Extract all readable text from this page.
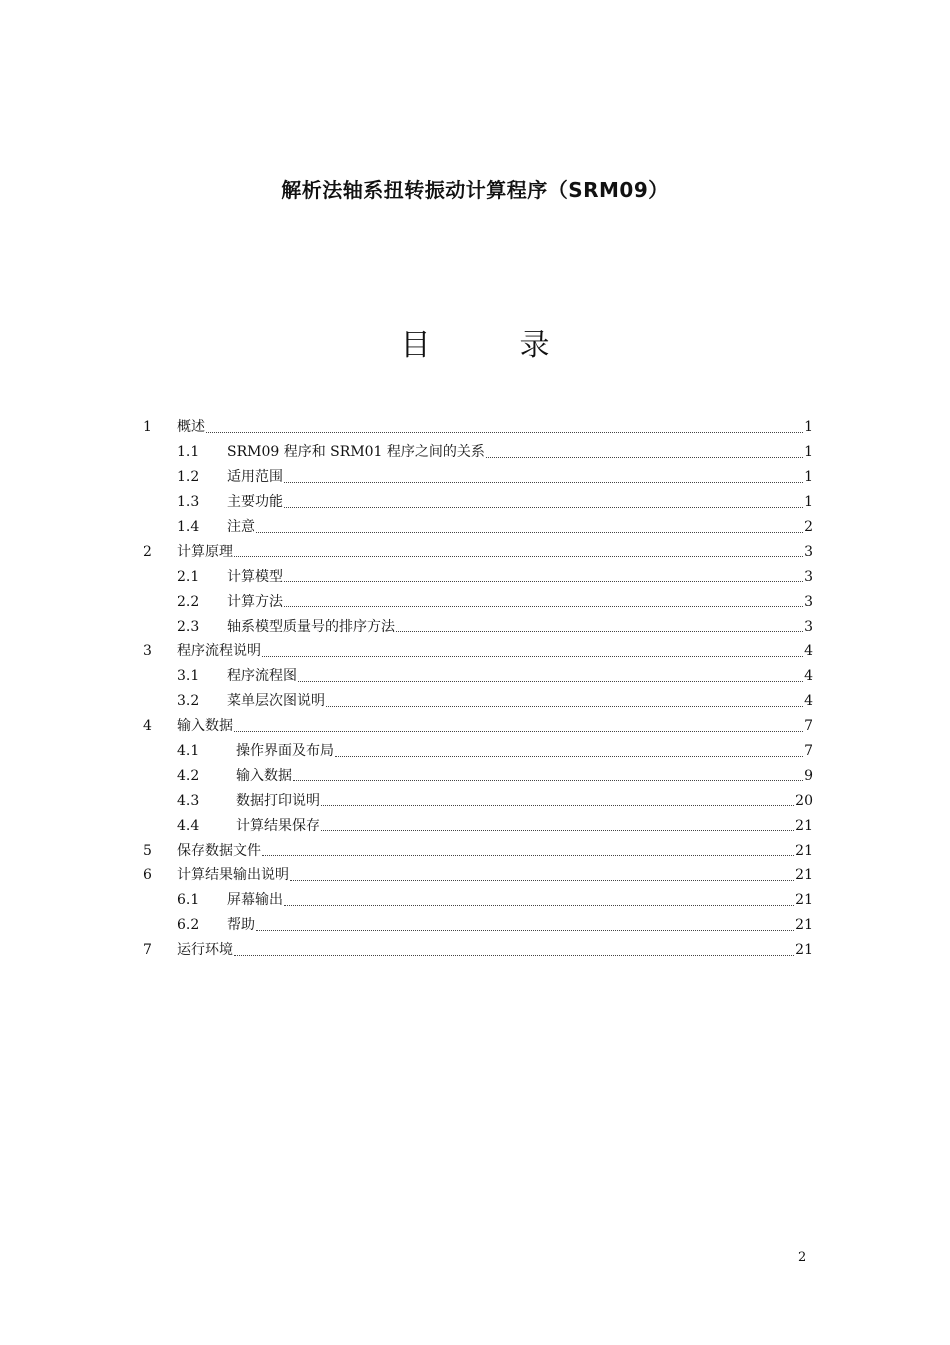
解析法轴系扭转振动计算程序（SRM09）
目	录
1	概述	1
1.1	SRM09 程序和 SRM01 程序之间的关系	1
1.2	适用范围	1
1.3	主要功能	1
1.4	注意	2
2	计算原理	3
2.1	计算模型	3
2.2	计算方法	3
2.3	轴系模型质量号的排序方法	3
3	程序流程说明	4
3.1	程序流程图	4
3.2	菜单层次图说明	4
4	输入数据	7
4.1	操作界面及布局	7
4.2	输入数据	9
4.3	数据打印说明	20
4.4	计算结果保存	21
5	保存数据文件	21
6	计算结果输出说明	21
6.1	屏幕输出	21
6.2	帮助	21
7	运行环境	21
2
